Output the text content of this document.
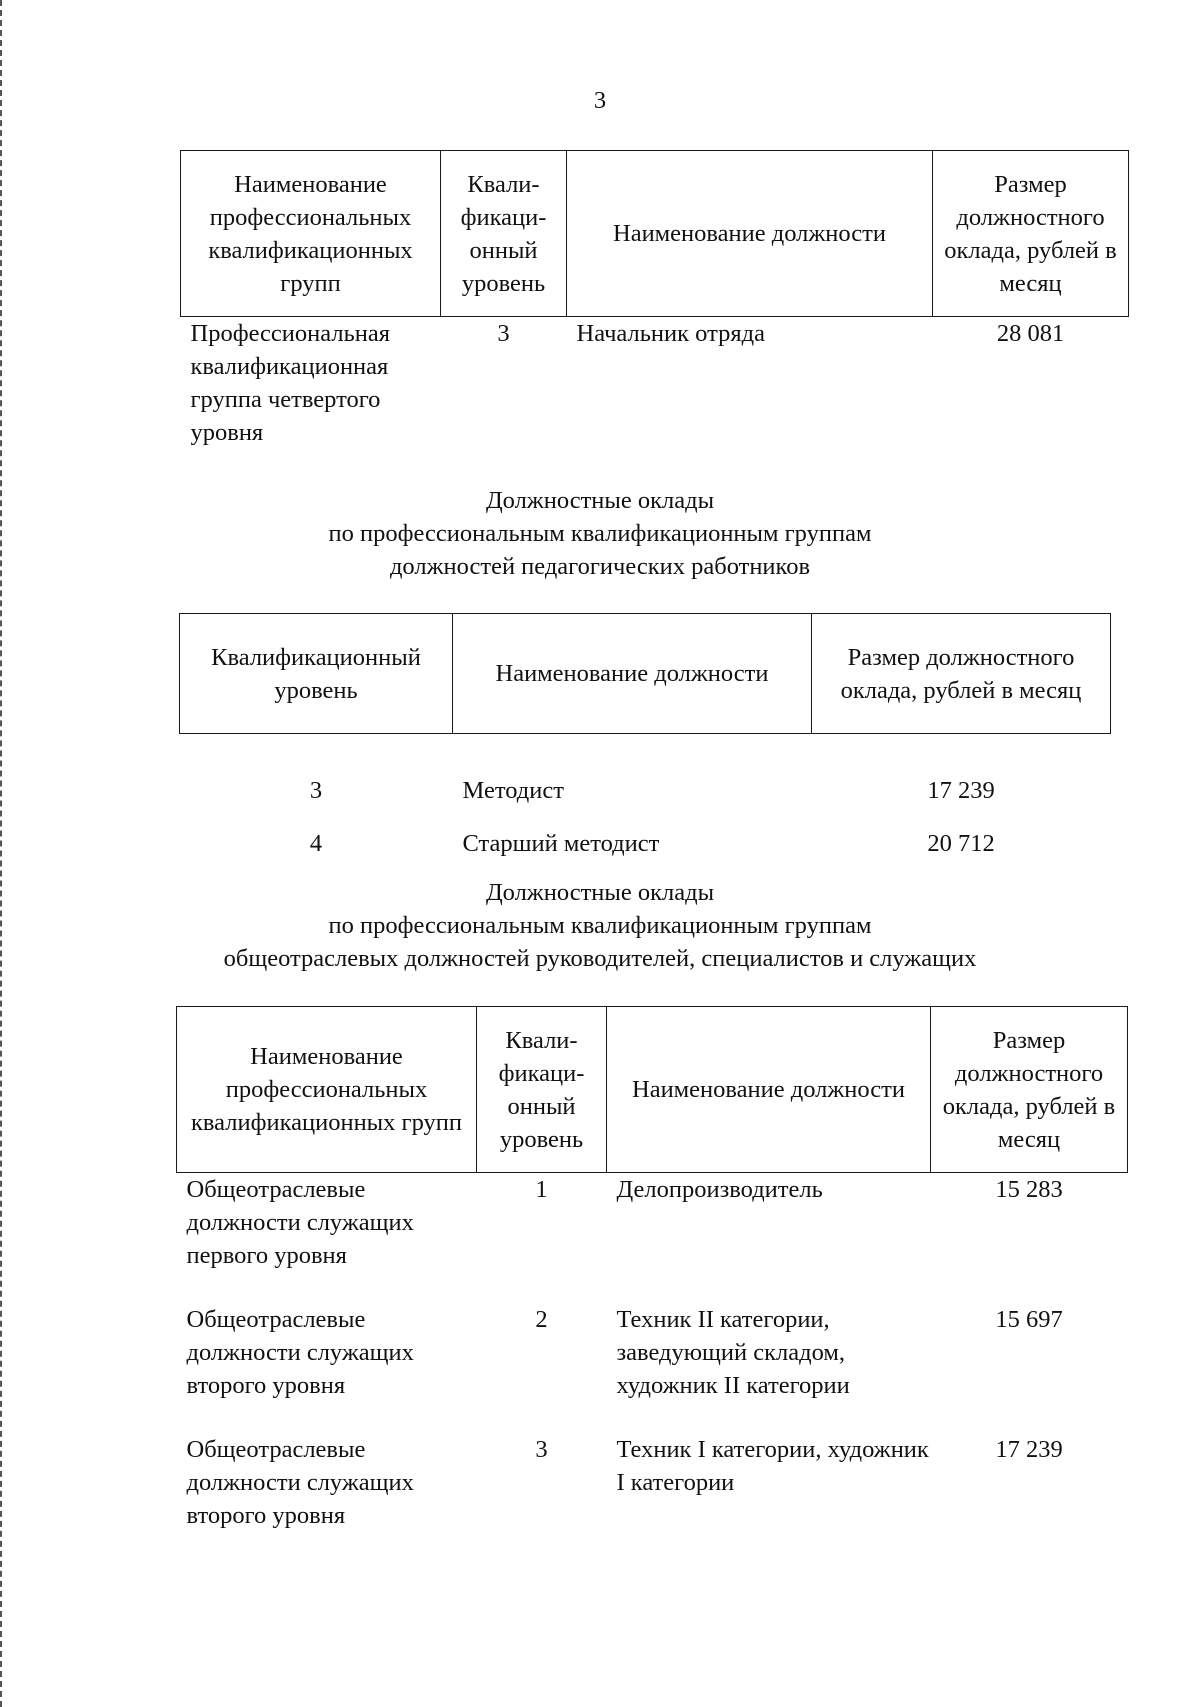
3
Наименование профессиональных квалификационных групп	Квали-фикаци-онный уровень	Наименование должности	Размер должностного оклада, рублей в месяц
Профессиональная квалификационная группа четвертого уровня	3	Начальник отряда	28 081
Должностные оклады
по профессиональным квалификационным группам
должностей педагогических работников
Квалификационный уровень	Наименование должности	Размер должностного оклада, рублей в месяц

3	Методист	17 239
4	Старший методист	20 712
Должностные оклады
по профессиональным квалификационным группам
общеотраслевых должностей руководителей, специалистов и служащих
Наименование профессиональных квалификационных групп	Квали-фикаци-онный уровень	Наименование должности	Размер должностного оклада, рублей в месяц
Общеотраслевые должности служащих первого уровня	1	Делопроизводитель	15 283
Общеотраслевые должности служащих второго уровня	2	Техник II категории, заведующий складом, художник II категории	15 697
Общеотраслевые должности служащих второго уровня	3	Техник I категории, художник I категории	17 239
